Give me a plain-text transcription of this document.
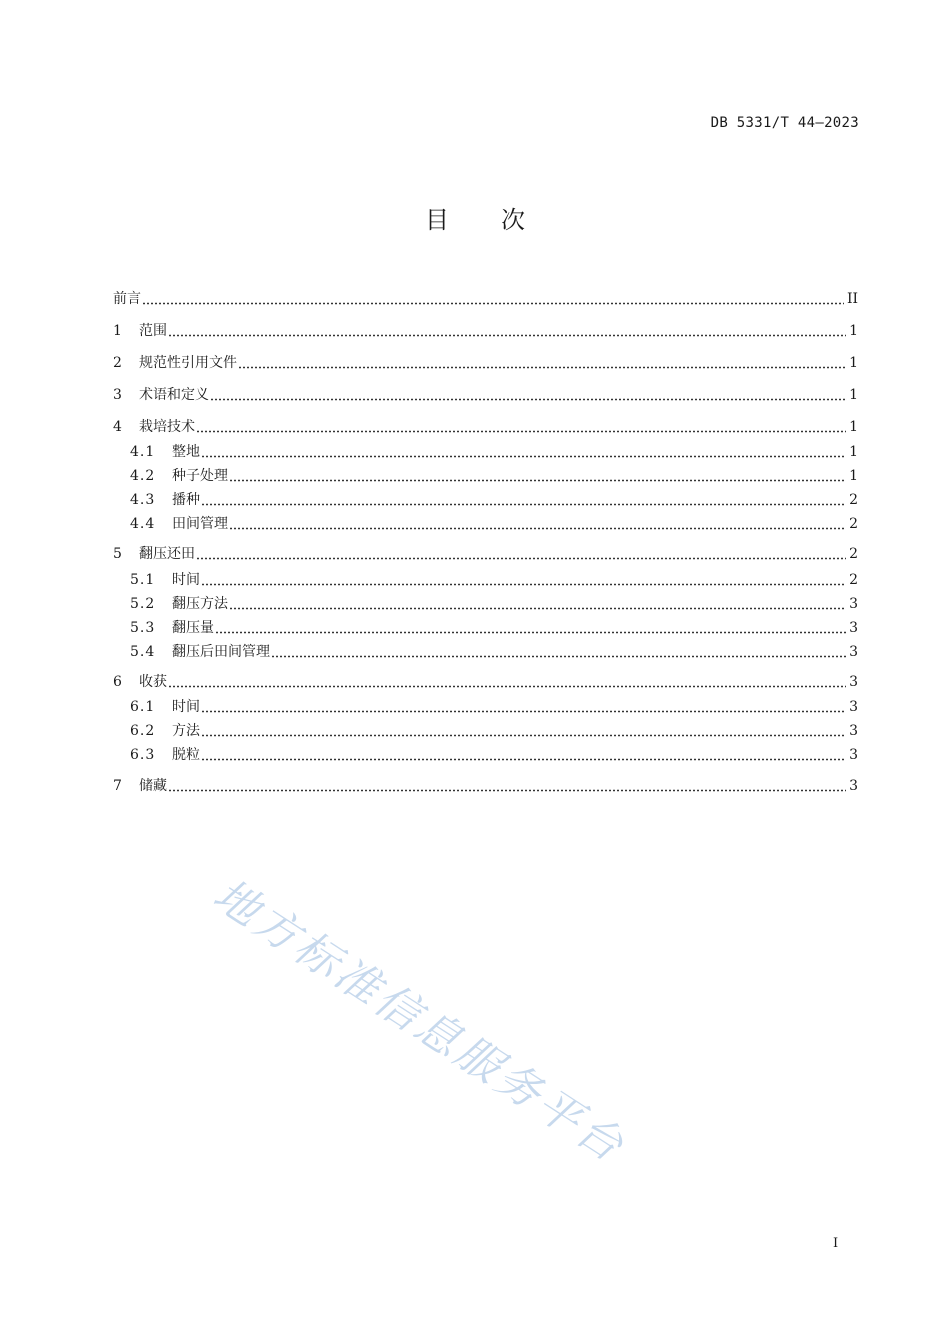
DB 5331/T 44—2023
目 次
前言	II
1	范围	1
2	规范性引用文件	1
3	术语和定义	1
4	栽培技术	1
4.1	整地	1
4.2	种子处理	1
4.3	播种	2
4.4	田间管理	2
5	翻压还田	2
5.1	时间	2
5.2	翻压方法	3
5.3	翻压量	3
5.4	翻压后田间管理	3
6	收获	3
6.1	时间	3
6.2	方法	3
6.3	脱粒	3
7	储藏	3
地方标准信息服务平台
I
